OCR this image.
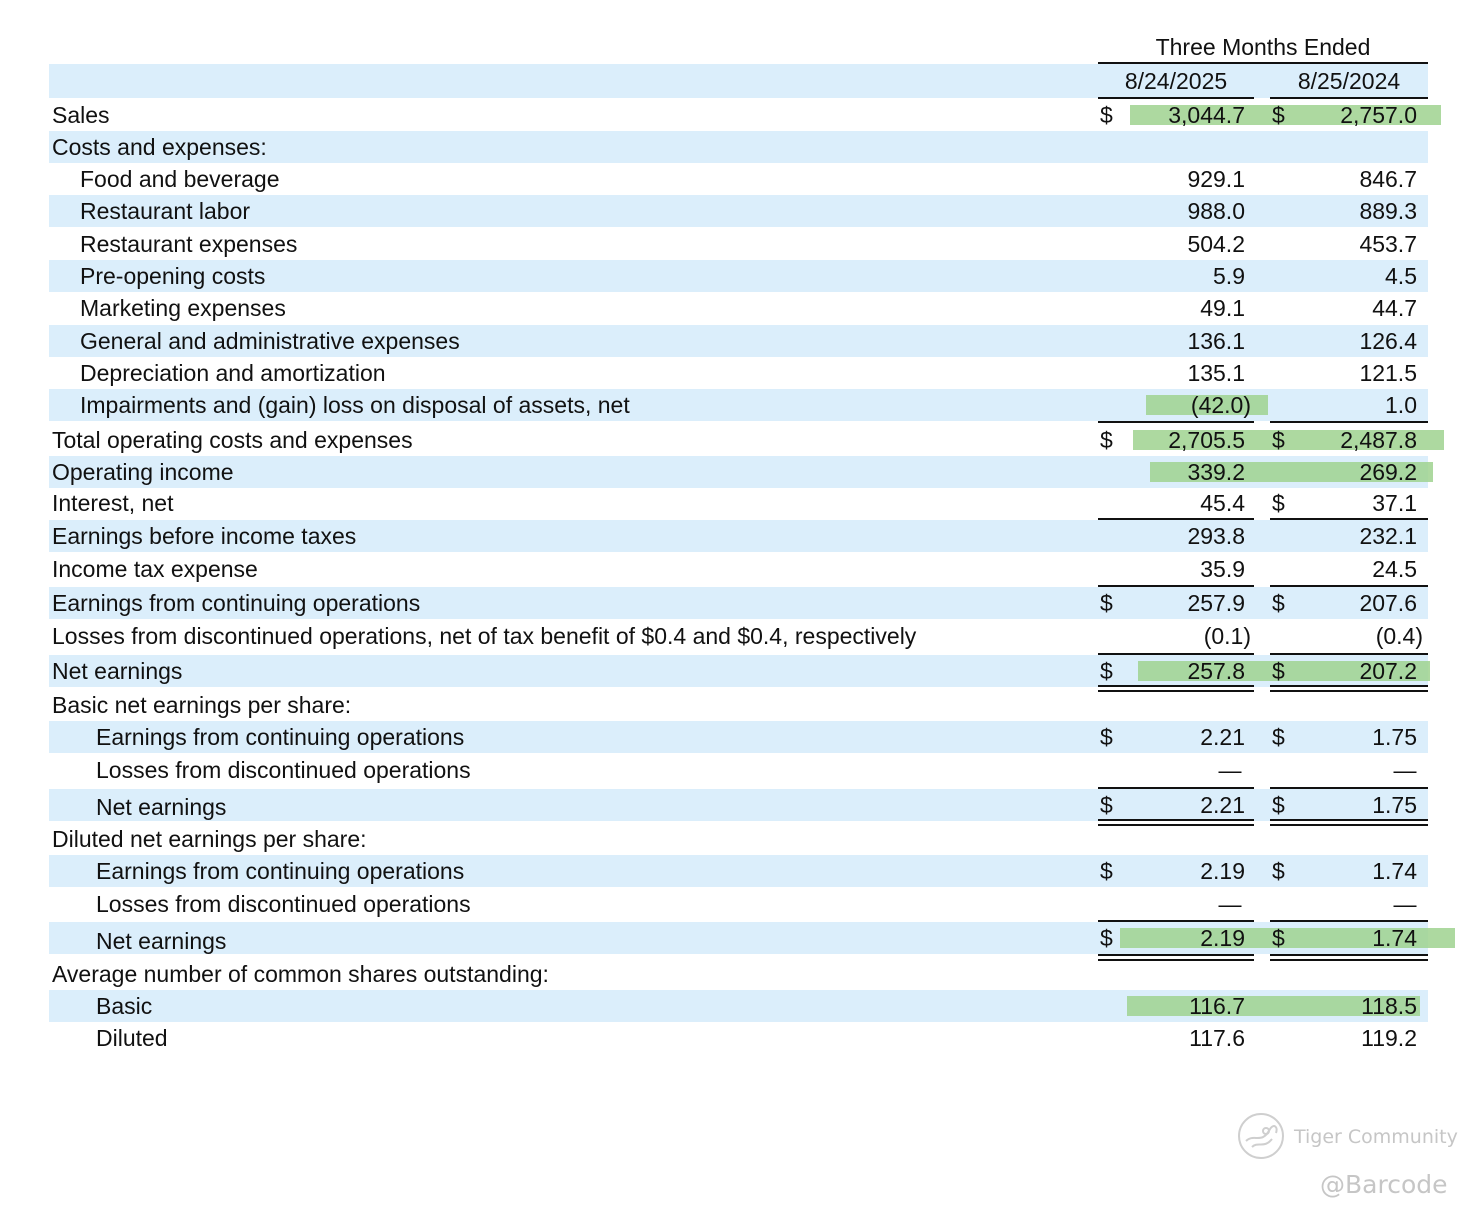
Three Months Ended
8/24/2025	8/25/2024
Sales	$	3,044.7 $	2,757.0
Costs and expenses:
Food and beverage	929.1	846.7
Restaurant labor	988.0	889.3
Restaurant expenses	504.2	453.7
Pre-opening costs	5.9	4.5
Marketing expenses	49.1	44.7
General and administrative expenses	136.1	126.4
Depreciation and amortization	135.1	121.5
Impairments and (gain) loss on disposal of assets, net	(42.0)	1.0
Total operating costs and expenses	$	2,705.5 $	2,487.8
Operating income	339.2	269.2
Interest, net	45.4 $	37.1
Earnings before income taxes	293.8	232.1
Income tax expense	35.9	24.5
Earnings from continuing operations	$	257.9 $	207.6
Losses from discontinued operations, net of tax benefit of $0.4 and $0.4, respectively	(0.1)	(0.4)
Net earnings	$	257.8 $	207.2
Basic net earnings per share:
Earnings from continuing operations	$	2.21 $	1.75
Losses from discontinued operations	—	—
Net earnings	$	2.21 $	1.75
Diluted net earnings per share:
Earnings from continuing operations	$	2.19 $	1.74
Losses from discontinued operations	—	—
Net earnings	$	2.19 $	1.74
Average number of common shares outstanding:
Basic	116.7	118.5
Diluted	117.6	119.2
Tiger Community
@Barcode
